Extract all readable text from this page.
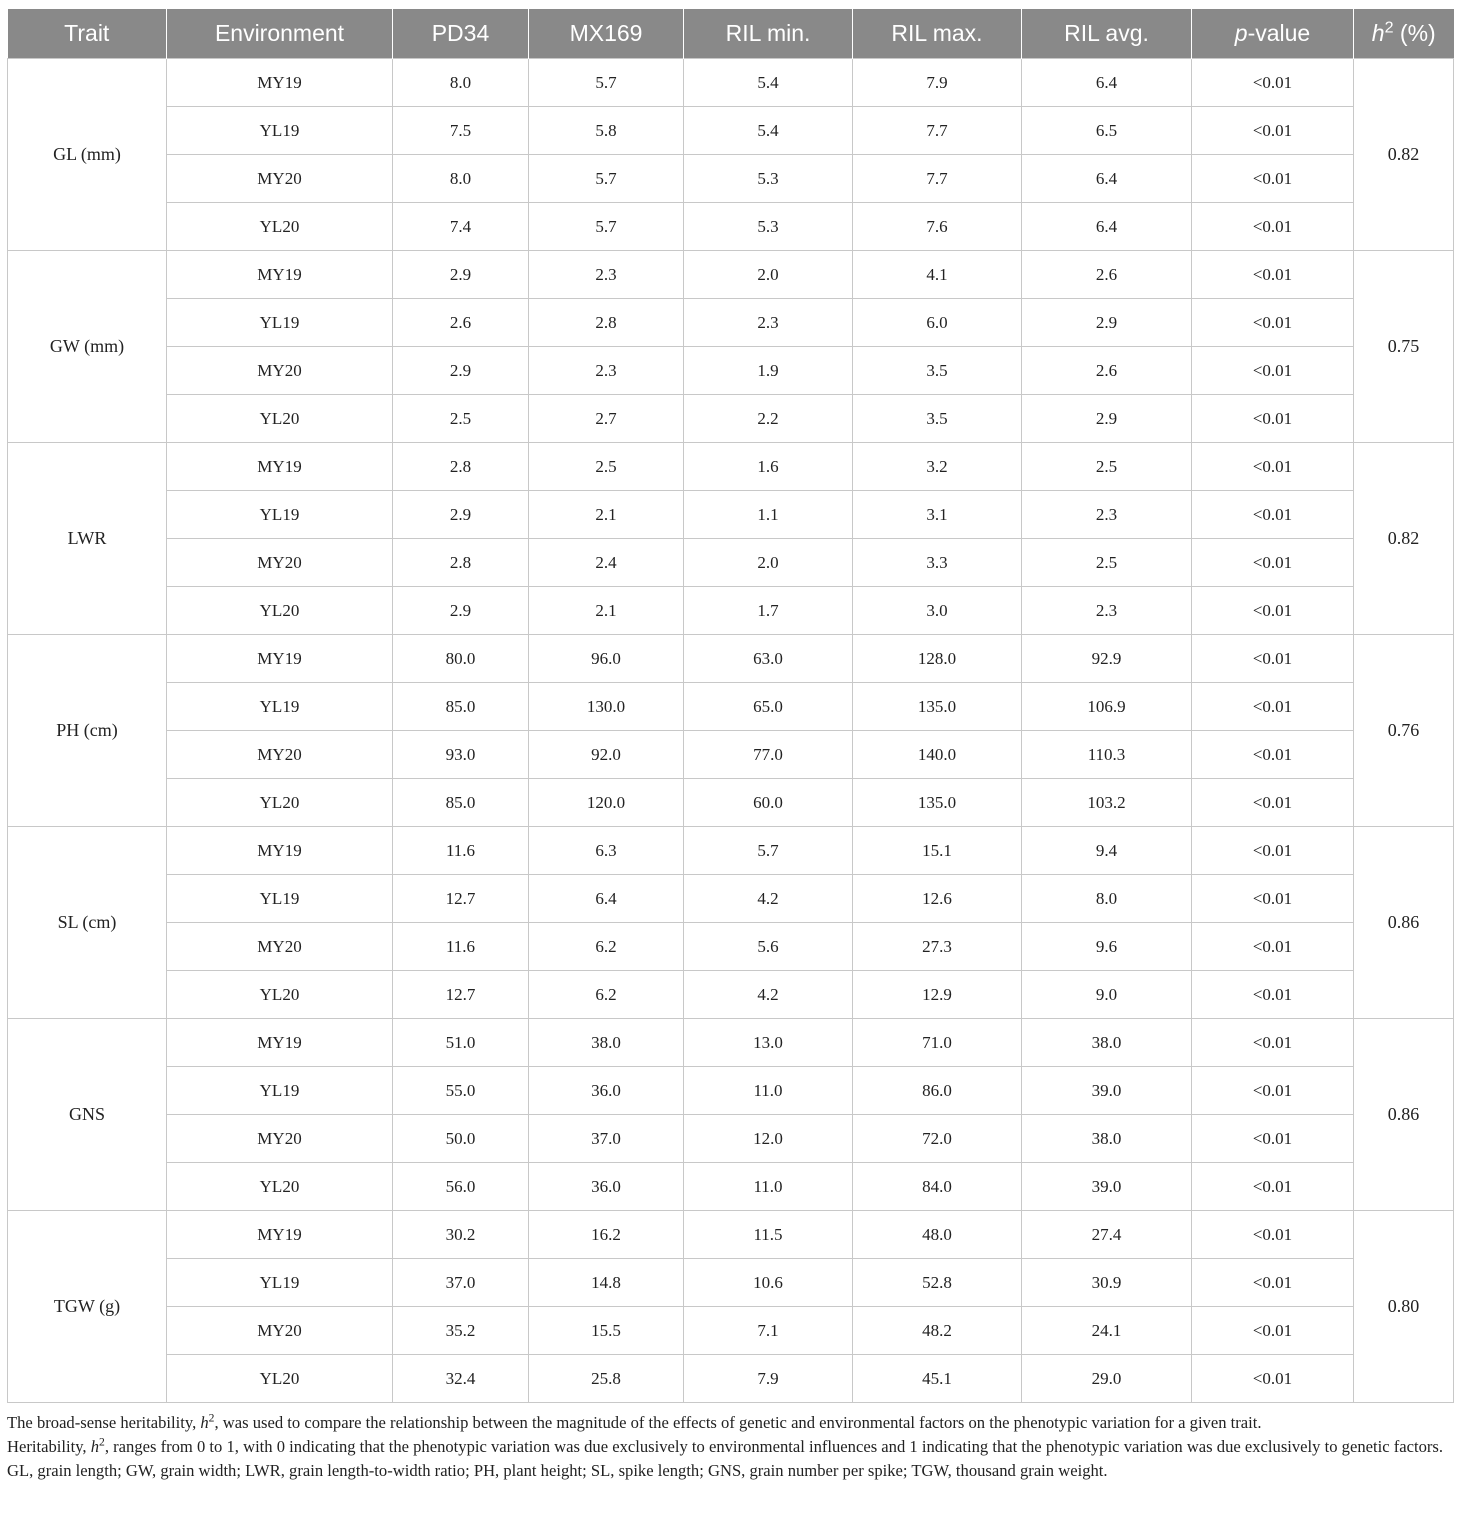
Trait	Environment	PD34	MX169	RIL min.	RIL max.	RIL avg.	p-value	$h^2$ (%)
GL (mm)	MY19	8.0	5.7	5.4	7.9	6.4	<0.01	0.82
	YL19	7.5	5.8	5.4	7.7	6.5	<0.01	
	MY20	8.0	5.7	5.3	7.7	6.4	<0.01	
	YL20	7.4	5.7	5.3	7.6	6.4	<0.01	
GW (mm)	MY19	2.9	2.3	2.0	4.1	2.6	<0.01	0.75
	YL19	2.6	2.8	2.3	6.0	2.9	<0.01	
	MY20	2.9	2.3	1.9	3.5	2.6	<0.01	
	YL20	2.5	2.7	2.2	3.5	2.9	<0.01	
LWR	MY19	2.8	2.5	1.6	3.2	2.5	<0.01	0.82
	YL19	2.9	2.1	1.1	3.1	2.3	<0.01	
	MY20	2.8	2.4	2.0	3.3	2.5	<0.01	
	YL20	2.9	2.1	1.7	3.0	2.3	<0.01	
PH (cm)	MY19	80.0	96.0	63.0	128.0	92.9	<0.01	0.76
	YL19	85.0	130.0	65.0	135.0	106.9	<0.01	
	MY20	93.0	92.0	77.0	140.0	110.3	<0.01	
	YL20	85.0	120.0	60.0	135.0	103.2	<0.01	
SL (cm)	MY19	11.6	6.3	5.7	15.1	9.4	<0.01	0.86
	YL19	12.7	6.4	4.2	12.6	8.0	<0.01	
	MY20	11.6	6.2	5.6	27.3	9.6	<0.01	
	YL20	12.7	6.2	4.2	12.9	9.0	<0.01	
GNS	MY19	51.0	38.0	13.0	71.0	38.0	<0.01	0.86
	YL19	55.0	36.0	11.0	86.0	39.0	<0.01	
	MY20	50.0	37.0	12.0	72.0	38.0	<0.01	
	YL20	56.0	36.0	11.0	84.0	39.0	<0.01	
TGW (g)	MY19	30.2	16.2	11.5	48.0	27.4	<0.01	0.80
	YL19	37.0	14.8	10.6	52.8	30.9	<0.01	
	MY20	35.2	15.5	7.1	48.2	24.1	<0.01	
	YL20	32.4	25.8	7.9	45.1	29.0	<0.01	

The broad-sense heritability, $h^2$, was used to compare the relationship between the magnitude of the effects of genetic and environmental factors on the phenotypic variation for a given trait.

Heritability, $h^2$, ranges from 0 to 1, with 0 indicating that the phenotypic variation was due exclusively to environmental influences and 1 indicating that the phenotypic variation was due exclusively to genetic factors.

GL, grain length; GW, grain width; LWR, grain length-to-width ratio; PH, plant height; SL, spike length; GNS, grain number per spike; TGW, thousand grain weight.
